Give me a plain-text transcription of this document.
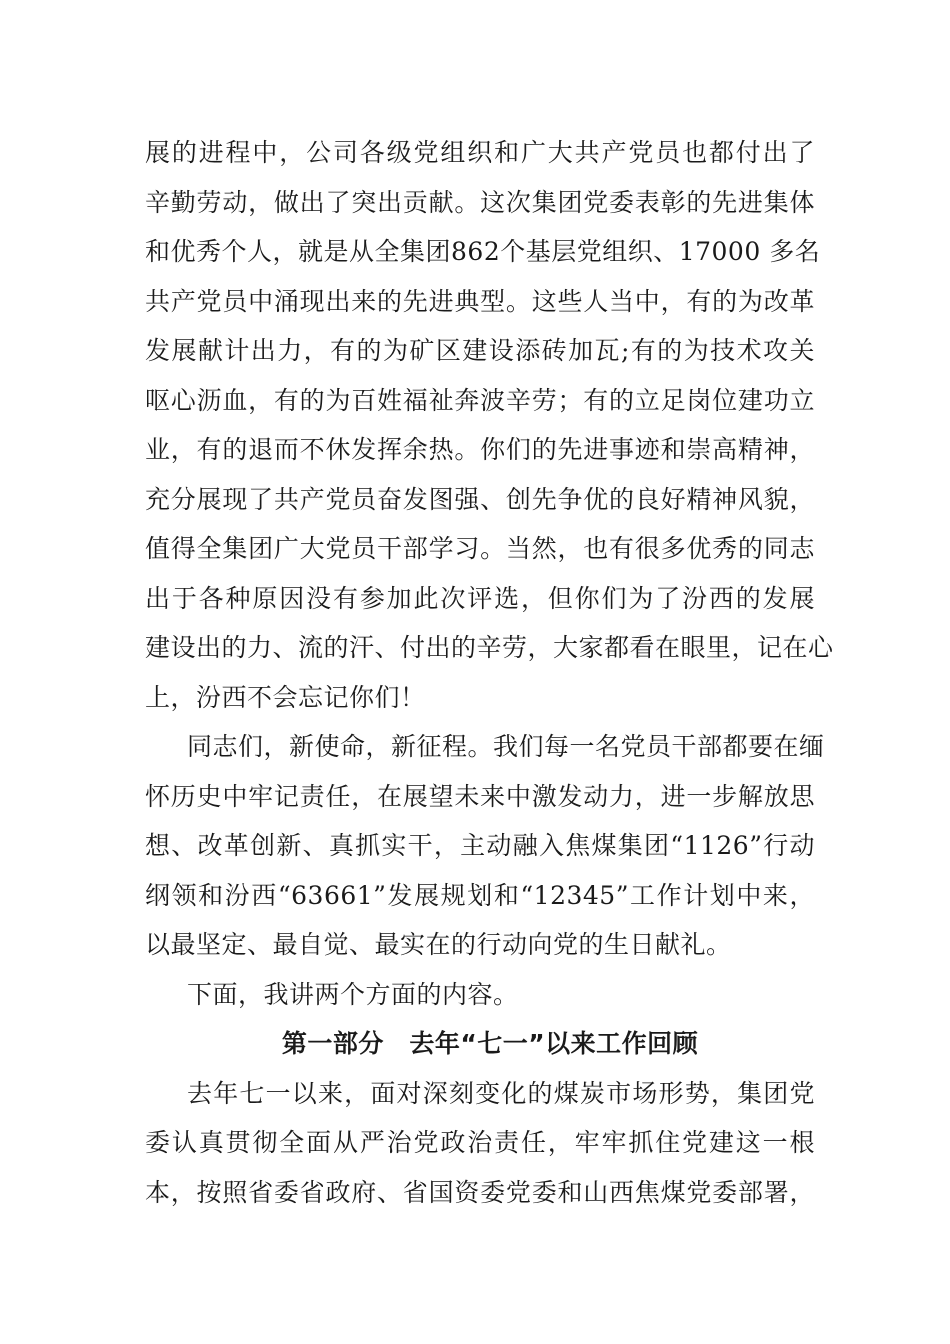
展的进程中，公司各级党组织和广大共产党员也都付出了
辛勤劳动，做出了突出贡献。这次集团党委表彰的先进集体
和优秀个人，就是从全集团862个基层党组织、17000 多名
共产党员中涌现出来的先进典型。这些人当中，有的为改革
发展献计出力，有的为矿区建设添砖加瓦;有的为技术攻关
呕心沥血，有的为百姓福祉奔波辛劳；有的立足岗位建功立
业，有的退而不休发挥余热。你们的先进事迹和崇高精神，
充分展现了共产党员奋发图强、创先争优的良好精神风貌，
值得全集团广大党员干部学习。当然，也有很多优秀的同志
出于各种原因没有参加此次评选，但你们为了汾西的发展
建设出的力、流的汗、付出的辛劳，大家都看在眼里，记在心
上，汾西不会忘记你们！
同志们，新使命，新征程。我们每一名党员干部都要在缅
怀历史中牢记责任，在展望未来中激发动力，进一步解放思
想、改革创新、真抓实干，主动融入焦煤集团“1126”行动
纲领和汾西“63661”发展规划和“12345”工作计划中来，
以最坚定、最自觉、最实在的行动向党的生日献礼。
下面，我讲两个方面的内容。
第一部分　去年“七一”以来工作回顾
去年七一以来，面对深刻变化的煤炭市场形势，集团党
委认真贯彻全面从严治党政治责任，牢牢抓住党建这一根
本，按照省委省政府、省国资委党委和山西焦煤党委部署，
